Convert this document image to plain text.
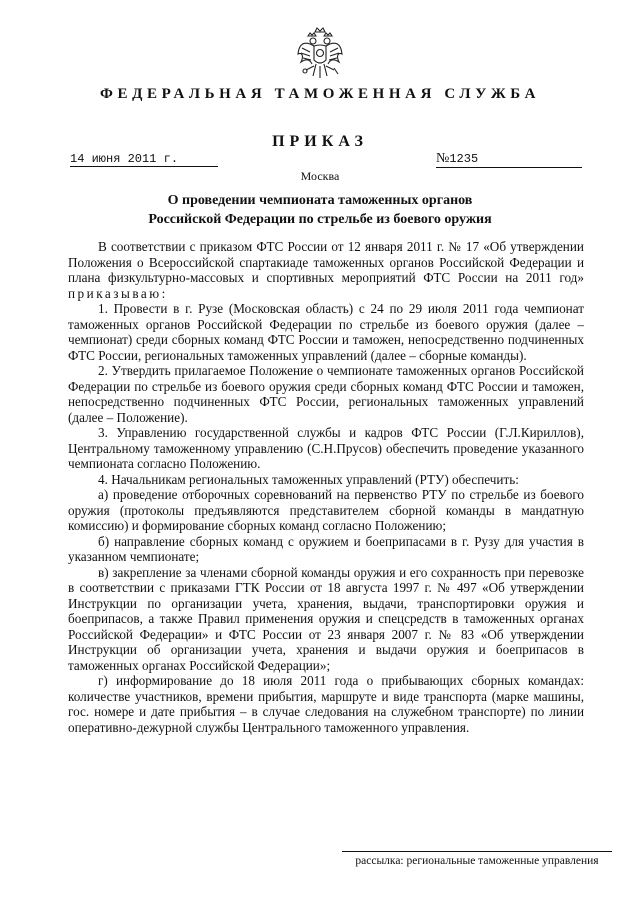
ФЕДЕРАЛЬНАЯ ТАМОЖЕННАЯ СЛУЖБА
ПРИКАЗ
14 июня 2011 г.	№1235
Москва
О проведении чемпионата таможенных органов
Российской Федерации по стрельбе из боевого оружия

В соответствии с приказом ФТС России от 12 января 2011 г. № 17 «Об утверждении Положения о Всероссийской спартакиаде таможенных органов Российской Федерации и плана физкультурно-массовых и спортивных мероприятий ФТС России на 2011 год» приказываю:

1. Провести в г. Рузе (Московская область) с 24 по 29 июля 2011 года чемпионат таможенных органов Российской Федерации по стрельбе из боевого оружия (далее – чемпионат) среди сборных команд ФТС России и таможен, непосредственно подчиненных ФТС России, региональных таможенных управлений (далее – сборные команды).

2. Утвердить прилагаемое Положение о чемпионате таможенных органов Российской Федерации по стрельбе из боевого оружия среди сборных команд ФТС России и таможен, непосредственно подчиненных ФТС России, региональных таможенных управлений (далее – Положение).

3. Управлению государственной службы и кадров ФТС России (Г.Л.Кириллов), Центральному таможенному управлению (С.Н.Прусов) обеспечить проведение указанного чемпионата согласно Положению.

4. Начальникам региональных таможенных управлений (РТУ) обеспечить:

а) проведение отборочных соревнований на первенство РТУ по стрельбе из боевого оружия (протоколы предъявляются представителем сборной команды в мандатную комиссию) и формирование сборных команд согласно Положению;

б) направление сборных команд с оружием и боеприпасами в г. Рузу для участия в указанном чемпионате;

в) закрепление за членами сборной команды оружия и его сохранность при перевозке в соответствии с приказами ГТК России от 18 августа 1997 г. № 497 «Об утверждении Инструкции по организации учета, хранения, выдачи, транспортировки оружия и боеприпасов, а также Правил применения оружия и спецсредств в таможенных органах Российской Федерации» и ФТС России от 23 января 2007 г. № 83 «Об утверждении Инструкции об организации учета, хранения и выдачи оружия и боеприпасов в таможенных органах Российской Федерации»;

г) информирование до 18 июля 2011 года о прибывающих сборных командах: количестве участников, времени прибытия, маршруте и виде транспорта (марке машины, гос. номере и дате прибытия – в случае следования на служебном транспорте) по линии оперативно-дежурной службы Центрального таможенного управления.

рассылка: региональные таможенные управления
